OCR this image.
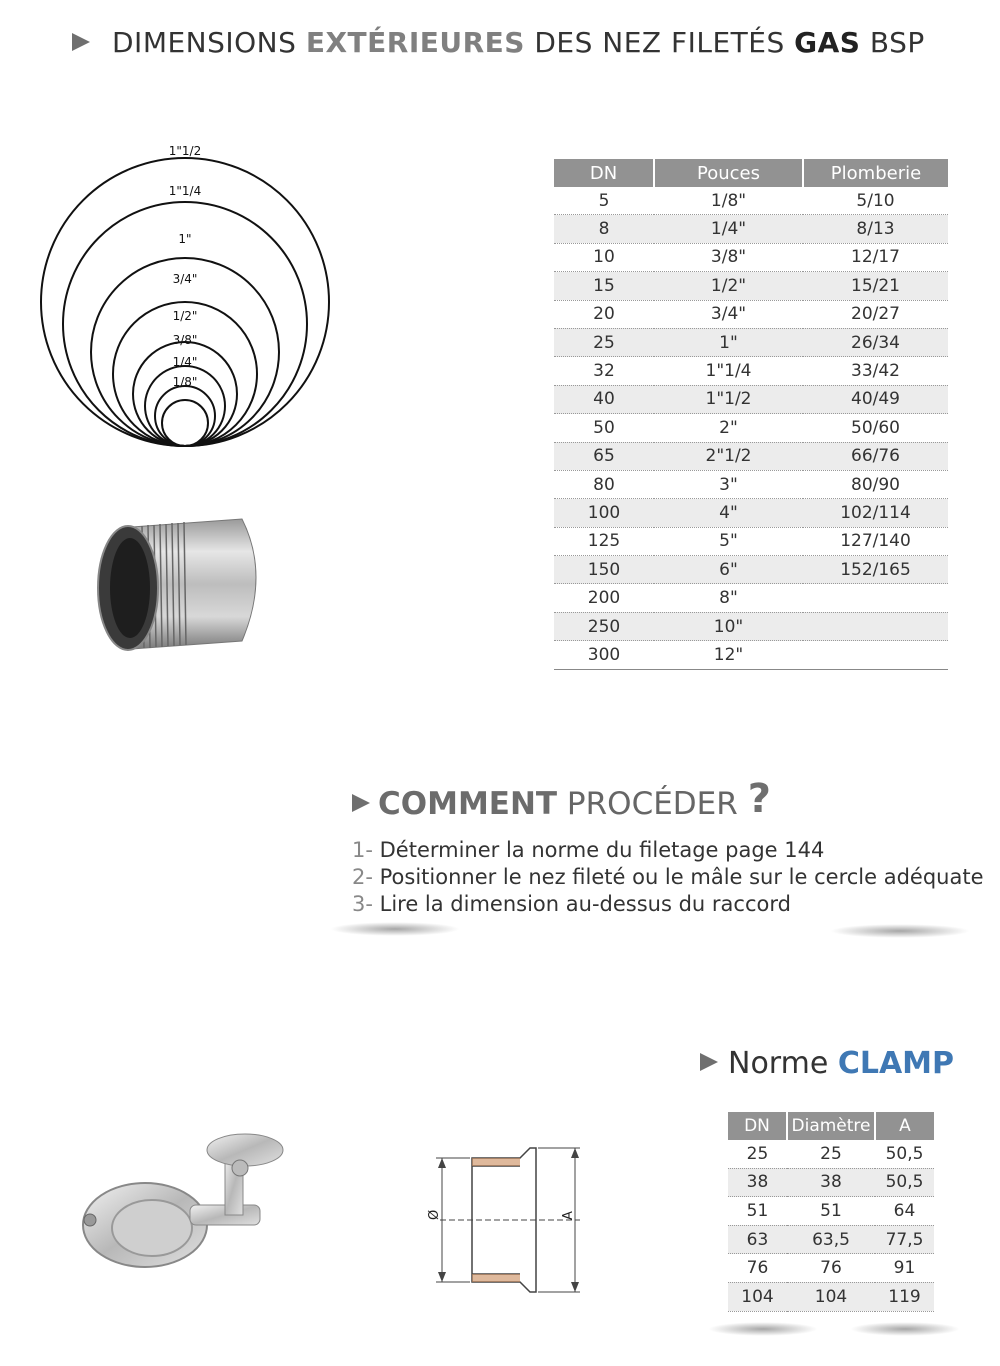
DIMENSIONS EXTÉRIEURES DES NEZ FILETÉS GAS BSP
1"1/2
1"1/4
1"
3/4"
1/2"
3/8"
1/4"
1/8"
DN	Pouces	Plomberie
5	1/8"	5/10
8	1/4"	8/13
10	3/8"	12/17
15	1/2"	15/21
20	3/4"	20/27
25	1"	26/34
32	1"1/4	33/42
40	1"1/2	40/49
50	2"	50/60
65	2"1/2	66/76
80	3"	80/90
100	4"	102/114
125	5"	127/140
150	6"	152/165
200	8"	
250	10"	
300	12"	
COMMENT PROCÉDER ?
1- Déterminer la norme du filetage page 144
2- Positionner le nez fileté ou le mâle sur le cercle adéquate
3- Lire la dimension au-dessus du raccord
Norme CLAMP
Ø	A
DN	Diamètre	A
25	25	50,5
38	38	50,5
51	51	64
63	63,5	77,5
76	76	91
104	104	119
